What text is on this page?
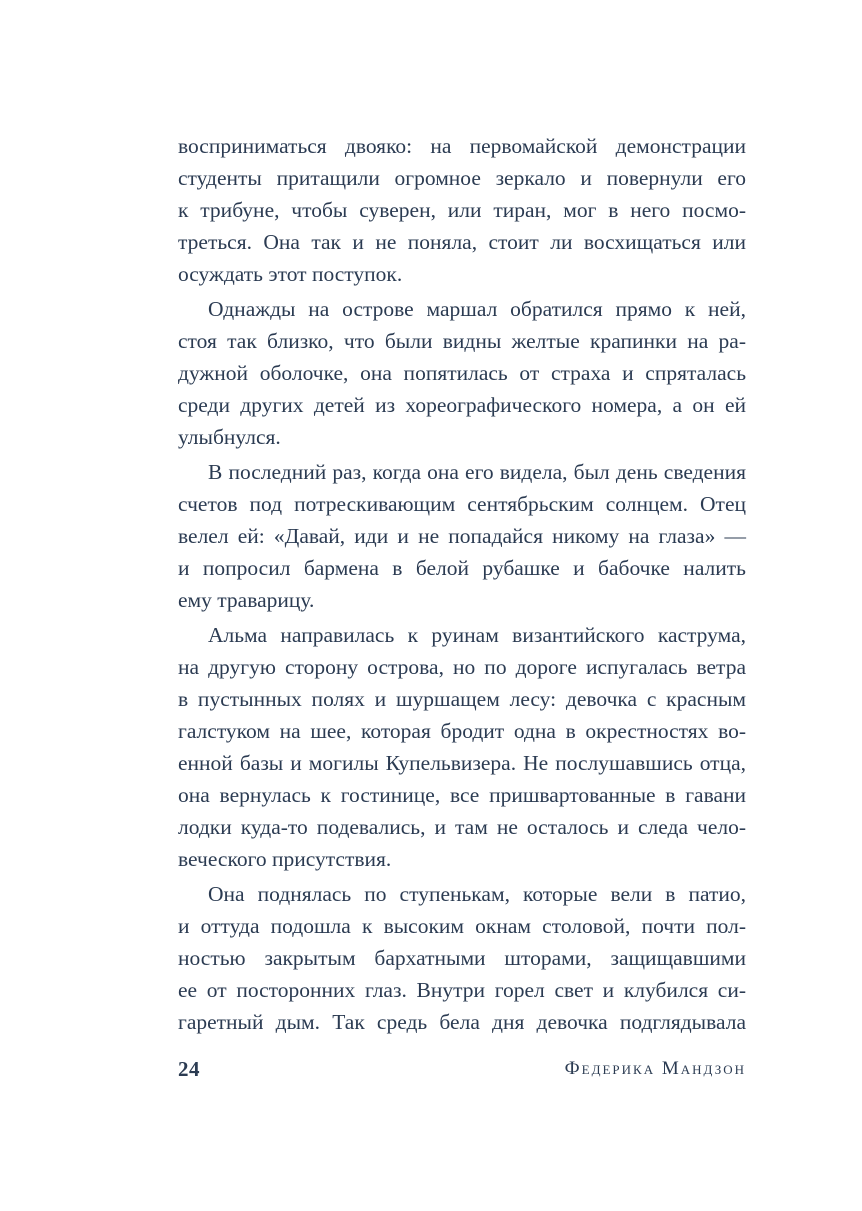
восприниматься двояко: на первомайской демонстрации
студенты притащили огромное зеркало и повернули его
к трибуне, чтобы суверен, или тиран, мог в него посмо-
треться. Она так и не поняла, стоит ли восхищаться или
осуждать этот поступок.
Однажды на острове маршал обратился прямо к ней,
стоя так близко, что были видны желтые крапинки на ра-
дужной оболочке, она попятилась от страха и спряталась
среди других детей из хореографического номера, а он ей
улыбнулся.
В последний раз, когда она его видела, был день сведения
счетов под потрескивающим сентябрьским солнцем. Отец
велел ей: «Давай, иди и не попадайся никому на глаза» —
и попросил бармена в белой рубашке и бабочке налить
ему траварицу.
Альма направилась к руинам византийского каструма,
на другую сторону острова, но по дороге испугалась ветра
в пустынных полях и шуршащем лесу: девочка с красным
галстуком на шее, которая бродит одна в окрестностях во-
енной базы и могилы Купельвизера. Не послушавшись отца,
она вернулась к гостинице, все пришвартованные в гавани
лодки куда-то подевались, и там не осталось и следа чело-
веческого присутствия.
Она поднялась по ступенькам, которые вели в патио,
и оттуда подошла к высоким окнам столовой, почти пол-
ностью закрытым бархатными шторами, защищавшими
ее от посторонних глаз. Внутри горел свет и клубился си-
гаретный дым. Так средь бела дня девочка подглядывала
24	Федерика Мандзон
